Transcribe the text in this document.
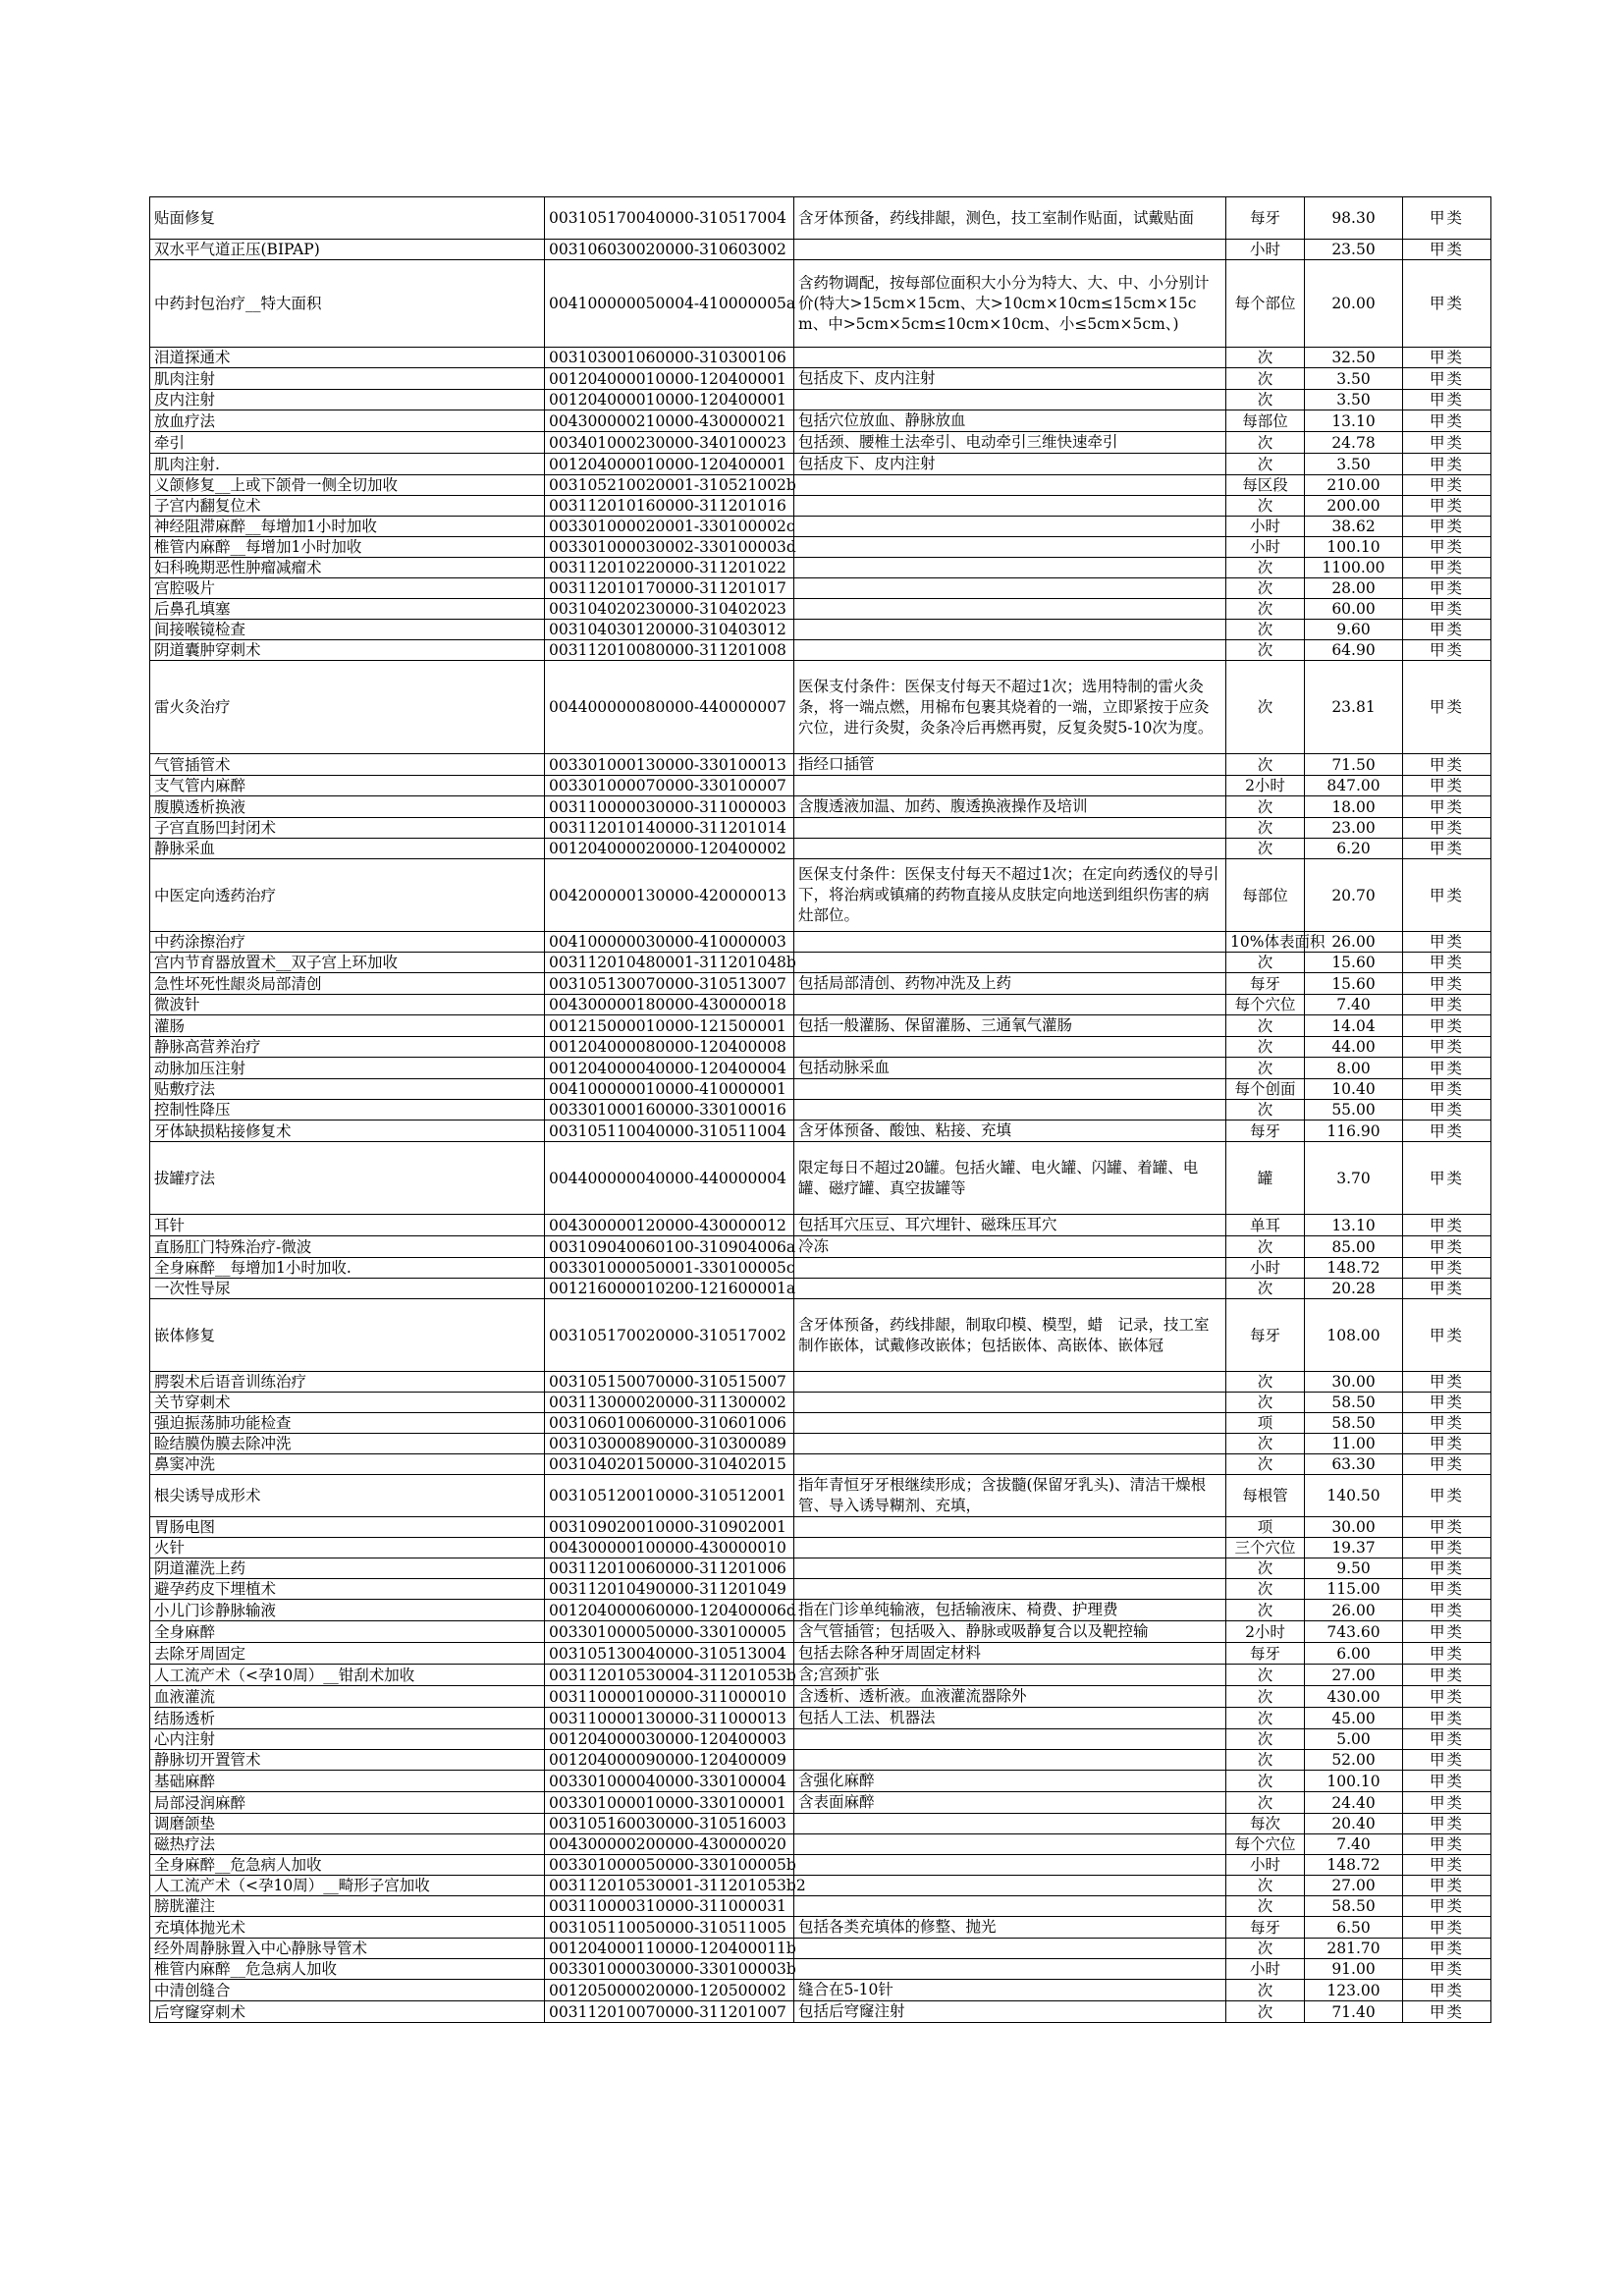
贴面修复	003105170040000-310517004	含牙体预备，药线排龈，测色，技工室制作贴面，试戴贴面	每牙	98.30	甲类
双水平气道正压(BIPAP)	003106030020000-310603002		小时	23.50	甲类
中药封包治疗__特大面积	004100000050004-410000005a	含药物调配，按每部位面积大小分为特大、大、中、小分别计价(特大>15cm×15cm、大>10cm×10cm≤15cm×15cm、中>5cm×5cm≤10cm×10cm、小≤5cm×5cm、)	每个部位	20.00	甲类
泪道探通术	003103001060000-310300106		次	32.50	甲类
肌肉注射	001204000010000-120400001	包括皮下、皮内注射	次	3.50	甲类
皮内注射	001204000010000-120400001		次	3.50	甲类
放血疗法	004300000210000-430000021	包括穴位放血、静脉放血	每部位	13.10	甲类
牵引	003401000230000-340100023	包括颈、腰椎土法牵引、电动牵引三维快速牵引	次	24.78	甲类
肌肉注射.	001204000010000-120400001	包括皮下、皮内注射	次	3.50	甲类
义颌修复__上或下颌骨一侧全切加收	003105210020001-310521002b		每区段	210.00	甲类
子宫内翻复位术	003112010160000-311201016		次	200.00	甲类
神经阻滞麻醉__每增加1小时加收	003301000020001-330100002c		小时	38.62	甲类
椎管内麻醉__每增加1小时加收	003301000030002-330100003d		小时	100.10	甲类
妇科晚期恶性肿瘤减瘤术	003112010220000-311201022		次	1100.00	甲类
宫腔吸片	003112010170000-311201017		次	28.00	甲类
后鼻孔填塞	003104020230000-310402023		次	60.00	甲类
间接喉镜检查	003104030120000-310403012		次	9.60	甲类
阴道囊肿穿刺术	003112010080000-311201008		次	64.90	甲类
雷火灸治疗	004400000080000-440000007	医保支付条件：医保支付每天不超过1次；选用特制的雷火灸条，将一端点燃，用棉布包裹其烧着的一端，立即紧按于应灸穴位，进行灸熨，灸条冷后再燃再熨，反复灸熨5-10次为度。	次	23.81	甲类
气管插管术	003301000130000-330100013	指经口插管	次	71.50	甲类
支气管内麻醉	003301000070000-330100007		2小时	847.00	甲类
腹膜透析换液	003110000030000-311000003	含腹透液加温、加药、腹透换液操作及培训	次	18.00	甲类
子宫直肠凹封闭术	003112010140000-311201014		次	23.00	甲类
静脉采血	001204000020000-120400002		次	6.20	甲类
中医定向透药治疗	004200000130000-420000013	医保支付条件：医保支付每天不超过1次；在定向药透仪的导引下，将治病或镇痛的药物直接从皮肤定向地送到组织伤害的病灶部位。	每部位	20.70	甲类
中药涂擦治疗	004100000030000-410000003		10%体表面积	26.00	甲类
宫内节育器放置术__双子宫上环加收	003112010480001-311201048b		次	15.60	甲类
急性坏死性龈炎局部清创	003105130070000-310513007	包括局部清创、药物冲洗及上药	每牙	15.60	甲类
微波针	004300000180000-430000018		每个穴位	7.40	甲类
灌肠	001215000010000-121500001	包括一般灌肠、保留灌肠、三通氧气灌肠	次	14.04	甲类
静脉高营养治疗	001204000080000-120400008		次	44.00	甲类
动脉加压注射	001204000040000-120400004	包括动脉采血	次	8.00	甲类
贴敷疗法	004100000010000-410000001		每个创面	10.40	甲类
控制性降压	003301000160000-330100016		次	55.00	甲类
牙体缺损粘接修复术	003105110040000-310511004	含牙体预备、酸蚀、粘接、充填	每牙	116.90	甲类
拔罐疗法	004400000040000-440000004	限定每日不超过20罐。包括火罐、电火罐、闪罐、着罐、电罐、磁疗罐、真空拔罐等	罐	3.70	甲类
耳针	004300000120000-430000012	包括耳穴压豆、耳穴埋针、磁珠压耳穴	单耳	13.10	甲类
直肠肛门特殊治疗-微波	003109040060100-310904006a	冷冻	次	85.00	甲类
全身麻醉__每增加1小时加收.	003301000050001-330100005c		小时	148.72	甲类
一次性导尿	001216000010200-121600001a		次	20.28	甲类
嵌体修复	003105170020000-310517002	含牙体预备，药线排龈，制取印模、模型，蜡　记录，技工室制作嵌体，试戴修改嵌体；包括嵌体、高嵌体、嵌体冠	每牙	108.00	甲类
腭裂术后语音训练治疗	003105150070000-310515007		次	30.00	甲类
关节穿刺术	003113000020000-311300002		次	58.50	甲类
强迫振荡肺功能检查	003106010060000-310601006		项	58.50	甲类
睑结膜伪膜去除冲洗	003103000890000-310300089		次	11.00	甲类
鼻窦冲洗	003104020150000-310402015		次	63.30	甲类
根尖诱导成形术	003105120010000-310512001	指年青恒牙牙根继续形成；含拔髓(保留牙乳头)、清洁干燥根管、导入诱导糊剂、充填，	每根管	140.50	甲类
胃肠电图	003109020010000-310902001		项	30.00	甲类
火针	004300000100000-430000010		三个穴位	19.37	甲类
阴道灌洗上药	003112010060000-311201006		次	9.50	甲类
避孕药皮下埋植术	003112010490000-311201049		次	115.00	甲类
小儿门诊静脉输液	001204000060000-120400006d	指在门诊单纯输液，包括输液床、椅费、护理费	次	26.00	甲类
全身麻醉	003301000050000-330100005	含气管插管；包括吸入、静脉或吸静复合以及靶控输	2小时	743.60	甲类
去除牙周固定	003105130040000-310513004	包括去除各种牙周固定材料	每牙	6.00	甲类
人工流产术（<孕10周）__钳刮术加收	003112010530004-311201053b	含;宫颈扩张	次	27.00	甲类
血液灌流	003110000100000-311000010	含透析、透析液。血液灌流器除外	次	430.00	甲类
结肠透析	003110000130000-311000013	包括人工法、机器法	次	45.00	甲类
心内注射	001204000030000-120400003		次	5.00	甲类
静脉切开置管术	001204000090000-120400009		次	52.00	甲类
基础麻醉	003301000040000-330100004	含强化麻醉	次	100.10	甲类
局部浸润麻醉	003301000010000-330100001	含表面麻醉	次	24.40	甲类
调磨颌垫	003105160030000-310516003		每次	20.40	甲类
磁热疗法	004300000200000-430000020		每个穴位	7.40	甲类
全身麻醉__危急病人加收	003301000050000-330100005b		小时	148.72	甲类
人工流产术（<孕10周）__畸形子宫加收	003112010530001-311201053b2		次	27.00	甲类
膀胱灌注	003110000310000-311000031		次	58.50	甲类
充填体抛光术	003105110050000-310511005	包括各类充填体的修整、抛光	每牙	6.50	甲类
经外周静脉置入中心静脉导管术	001204000110000-120400011b		次	281.70	甲类
椎管内麻醉__危急病人加收	003301000030000-330100003b		小时	91.00	甲类
中清创缝合	001205000020000-120500002	缝合在5-10针	次	123.00	甲类
后穹窿穿刺术	003112010070000-311201007	包括后穹窿注射	次	71.40	甲类
